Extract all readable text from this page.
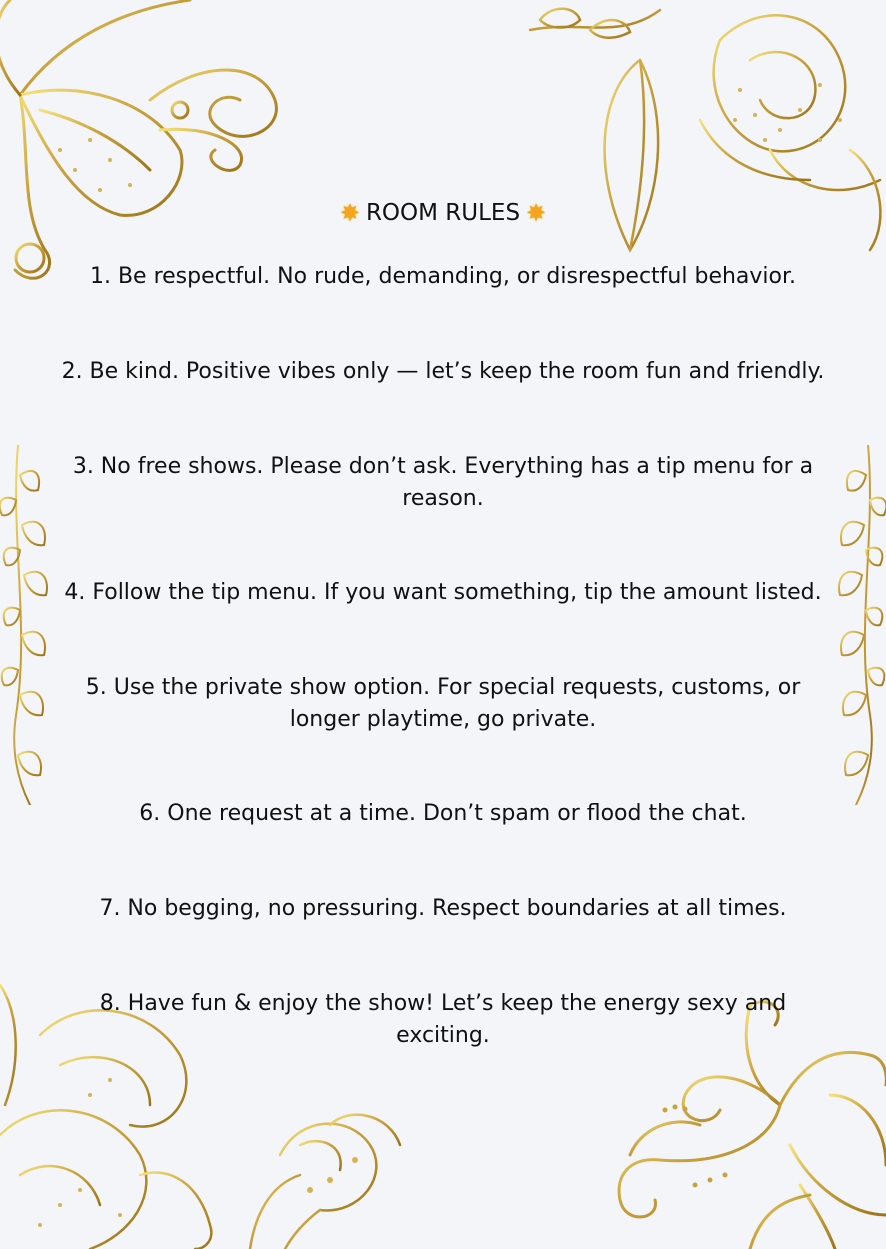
✸ ROOM RULES ✸

1. Be respectful. No rude, demanding, or disrespectful behavior.

2. Be kind. Positive vibes only — let’s keep the room fun and friendly.

3. No free shows. Please don’t ask. Everything has a tip menu for a reason.

4. Follow the tip menu. If you want something, tip the amount listed.

5. Use the private show option. For special requests, customs, or longer playtime, go private.

6. One request at a time. Don’t spam or flood the chat.

7. No begging, no pressuring. Respect boundaries at all times.

8. Have fun & enjoy the show! Let’s keep the energy sexy and exciting.
